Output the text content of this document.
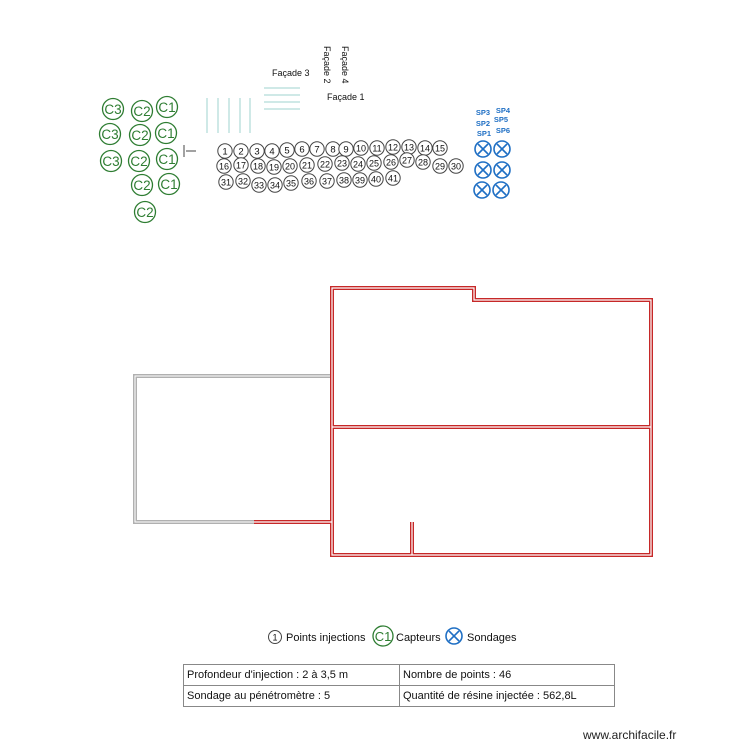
Façade 3 Façade 2 Façade 4
Façade 1
1 2 3 4 5 6 7 8 9 10 11 12 13 14 15
16 17 18 19 20 21 22 23 24 25 26 27 28 29 30
31 32 33 34 35 36 37 38 39 40 41
C3 C2 C1
C3 C2 C1
C3 C2 C1
C2 C1
C2
SP3 SP4
SP2 SP5
SP1 SP6
1 Points injections C1 Capteurs Sondages
Profondeur d'injection : 2 à 3,5 m	Nombre de points : 46
Sondage au pénétromètre : 5	Quantité de résine injectée : 562,8L
www.archifacile.fr
